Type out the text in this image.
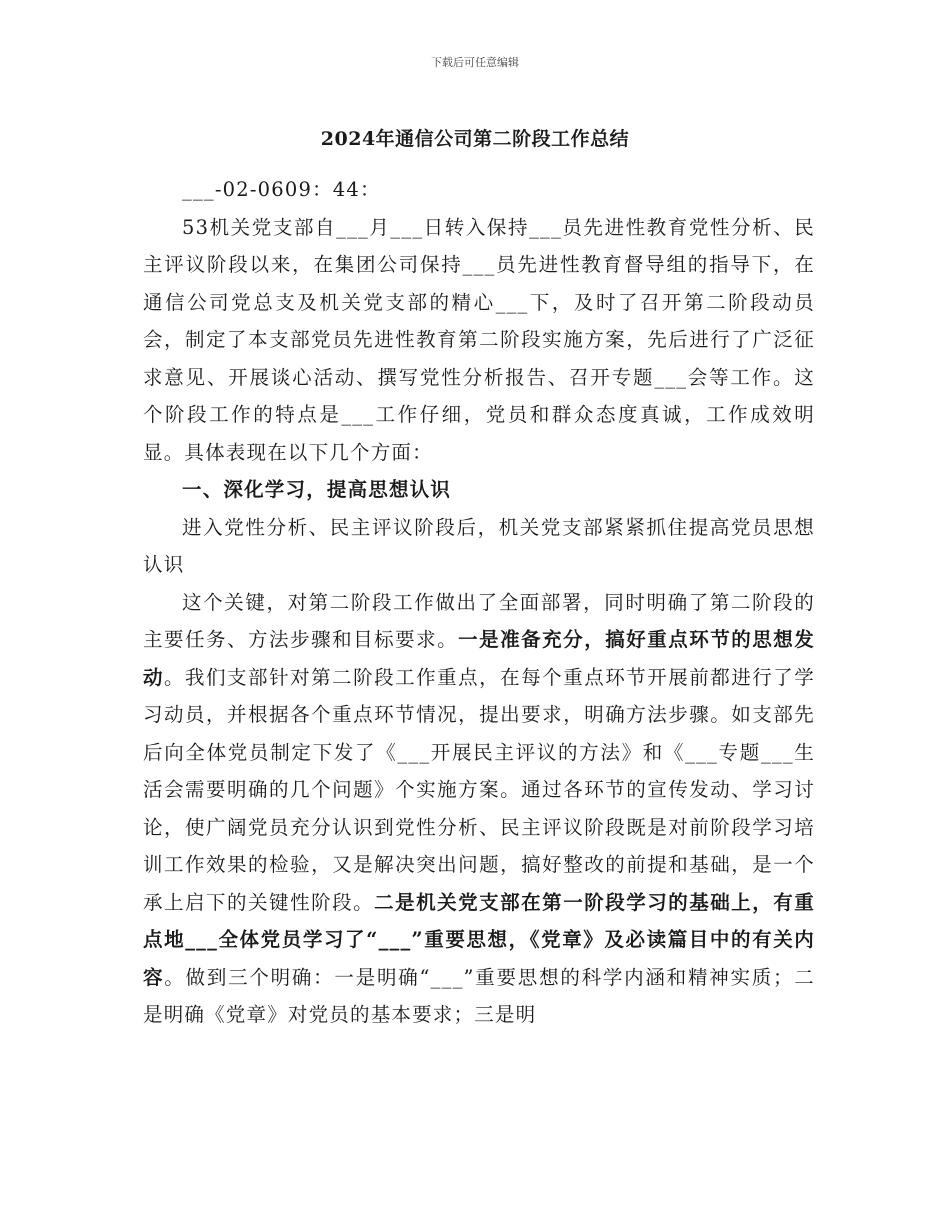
下载后可任意编辑
2024年通信公司第二阶段工作总结

___-02-0609：44：

53机关党支部自___月___日转入保持___员先进性教育党性分析、民主评议阶段以来，在集团公司保持___员先进性教育督导组的指导下，在通信公司党总支及机关党支部的精心___下，及时了召开第二阶段动员会，制定了本支部党员先进性教育第二阶段实施方案，先后进行了广泛征求意见、开展谈心活动、撰写党性分析报告、召开专题___会等工作。这个阶段工作的特点是___工作仔细，党员和群众态度真诚，工作成效明显。具体表现在以下几个方面：

一、深化学习，提高思想认识

进入党性分析、民主评议阶段后，机关党支部紧紧抓住提高党员思想认识

这个关键，对第二阶段工作做出了全面部署，同时明确了第二阶段的主要任务、方法步骤和目标要求。一是准备充分，搞好重点环节的思想发动。我们支部针对第二阶段工作重点，在每个重点环节开展前都进行了学习动员，并根据各个重点环节情况，提出要求，明确方法步骤。如支部先后向全体党员制定下发了《___开展民主评议的方法》和《___专题___生活会需要明确的几个问题》个实施方案。通过各环节的宣传发动、学习讨论，使广阔党员充分认识到党性分析、民主评议阶段既是对前阶段学习培训工作效果的检验，又是解决突出问题，搞好整改的前提和基础，是一个承上启下的关键性阶段。二是机关党支部在第一阶段学习的基础上，有重点地___全体党员学习了“___”重要思想，《党章》及必读篇目中的有关内容。做到三个明确：一是明确“___”重要思想的科学内涵和精神实质；二是明确《党章》对党员的基本要求；三是明
